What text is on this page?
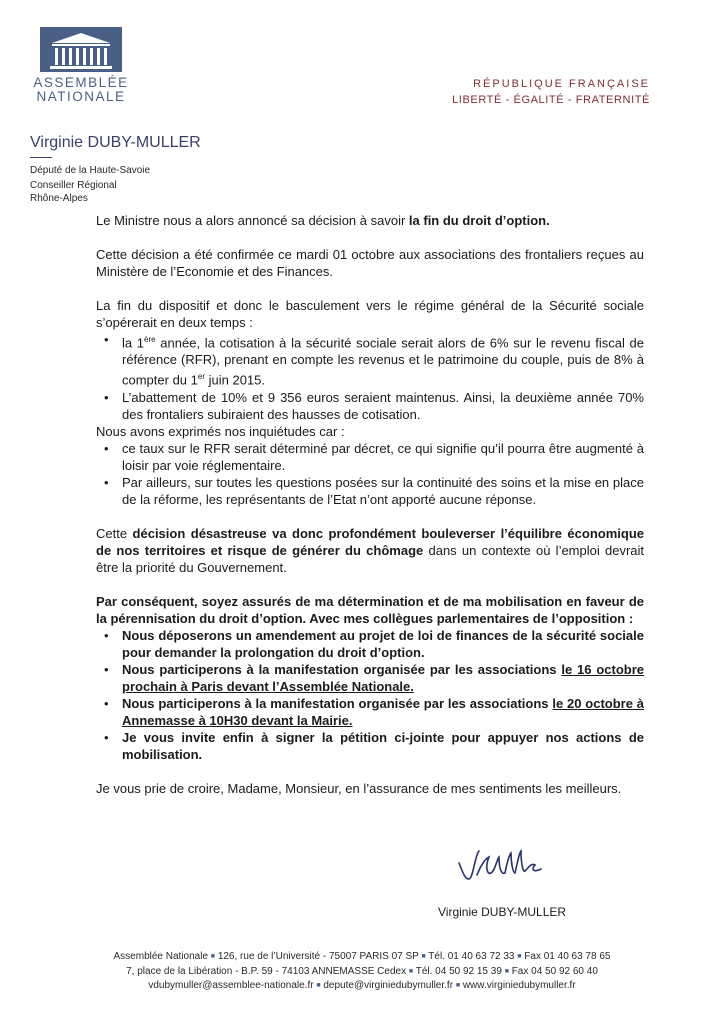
ASSEMBLÉE
NATIONALE
RÉPUBLIQUE FRANÇAISE
LIBERTÉ - ÉGALITÉ - FRATERNITÉ
Virginie DUBY-MULLER
Député de la Haute-Savoie
Conseiller Régional
Rhône-Alpes

Le Ministre nous a alors annoncé sa décision à savoir la fin du droit d’option.

Cette décision a été confirmée ce mardi 01 octobre aux associations des frontaliers reçues au Ministère de l’Economie et des Finances.

La fin du dispositif et donc le basculement vers le régime général de la Sécurité sociale s’opérerait en deux temps :

• la 1ère année, la cotisation à la sécurité sociale serait alors de 6% sur le revenu fiscal de référence (RFR), prenant en compte les revenus et le patrimoine du couple, puis de 8% à compter du 1er juin 2015.
• L’abattement de 10% et 9 356 euros seraient maintenus. Ainsi, la deuxième année 70% des frontaliers subiraient des hausses de cotisation.

Nous avons exprimés nos inquiétudes car :

• ce taux sur le RFR serait déterminé par décret, ce qui signifie qu’il pourra être augmenté à loisir par voie réglementaire.
• Par ailleurs, sur toutes les questions posées sur la continuité des soins et la mise en place de la réforme, les représentants de l’Etat n’ont apporté aucune réponse.

Cette décision désastreuse va donc profondément bouleverser l’équilibre économique de nos territoires et risque de générer du chômage dans un contexte où l’emploi devrait être la priorité du Gouvernement.

Par conséquent, soyez assurés de ma détermination et de ma mobilisation en faveur de la pérennisation du droit d’option. Avec mes collègues parlementaires de l’opposition :

• Nous déposerons un amendement au projet de loi de finances de la sécurité sociale pour demander la prolongation du droit d’option.
• Nous participerons à la manifestation organisée par les associations le 16 octobre prochain à Paris devant l’Assemblée Nationale.
• Nous participerons à la manifestation organisée par les associations le 20 octobre à Annemasse à 10H30 devant la Mairie.
• Je vous invite enfin à signer la pétition ci-jointe pour appuyer nos actions de mobilisation.

Je vous prie de croire, Madame, Monsieur, en l’assurance de mes sentiments les meilleurs.

Virginie DUBY-MULLER
Assemblée Nationale ■ 126, rue de l’Université - 75007 PARIS 07 SP ■ Tél. 01 40 63 72 33 ■ Fax 01 40 63 78 65
7, place de la Libération - B.P. 59 - 74103 ANNEMASSE Cedex ■ Tél. 04 50 92 15 39 ■ Fax 04 50 92 60 40
vdubymuller@assemblee-nationale.fr ■ depute@virginiedubymuller.fr ■ www.virginiedubymuller.fr
